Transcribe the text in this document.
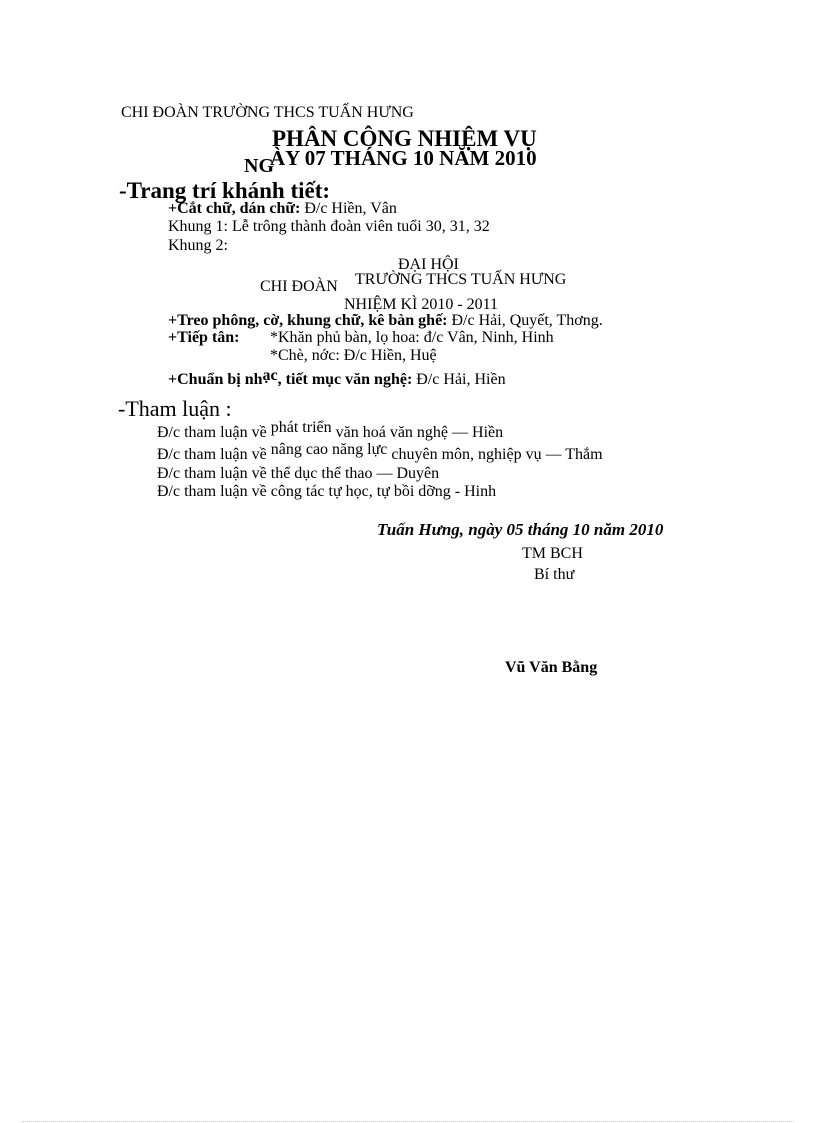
CHI ĐOÀN TRƯỜNG THCS TUẤN HƯNG
PHÂN CÔNG NHIỆM VỤ
NG
ÀY 07 THÁNG 10 NĂM 2010
-Trang trí khánh tiết:
+Cắt chữ, dán chữ: Đ/c Hiền, Vân
Khung 1: Lễ trông thành đoàn viên tuổi 30, 31, 32
Khung 2:
ĐẠI HỘI
CHI ĐOÀN TRƯỜNG THCS TUẤN HƯNG
NHIỆM KÌ 2010 - 2011
+Treo phông, cờ, khung chữ, kê bàn ghế: Đ/c Hải, Quyết, Thơng.
+Tiếp tân: *Khăn phủ bàn, lọ hoa: đ/c Vân, Ninh, Hinh
*Chè, nớc: Đ/c Hiền, Huệ
+Chuẩn bị nhạc, tiết mục văn nghệ: Đ/c Hải, Hiền
-Tham luận :
Đ/c tham luận về phát triển văn hoá văn nghệ — Hiền
Đ/c tham luận về nâng cao năng lực chuyên môn, nghiệp vụ — Thắm
Đ/c tham luận về thể dục thể thao — Duyên
Đ/c tham luận về công tác tự học, tự bồi dỡng - Hinh
Tuấn Hưng, ngày 05 tháng 10 năm 2010
TM BCH
Bí thư
Vũ Văn Bằng
